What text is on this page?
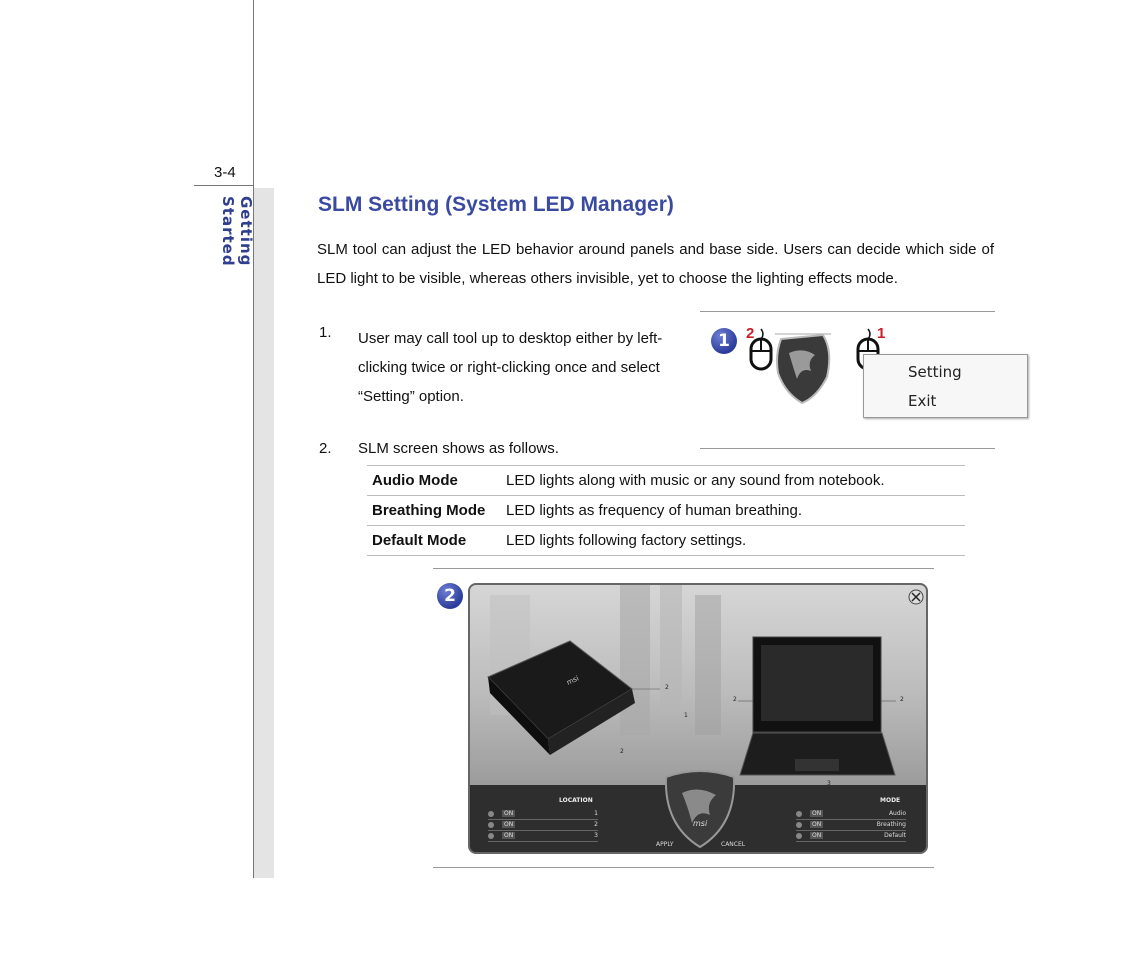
3-4
Getting Started	SLM Setting (System LED Manager)

SLM tool can adjust the LED behavior around panels and base side. Users can decide which side of LED light to be visible, whereas others invisible, yet to choose the lighting effects mode.

1. User may call tool up to desktop either by left-clicking twice or right-clicking once and select “Setting” option.
1	2	1
Setting
Exit
2. SLM screen shows as follows.
Audio Mode	LED lights along with music or any sound from notebook.
Breathing Mode	LED lights as frequency of human breathing.
Default Mode	LED lights following factory settings.
2
msi
2
1
2
2	2
3
LOCATION
ON	1
ON	2
ON	3
MODE
ON	Audio
ON	Breathing
ON	Default
msi
APPLY	CANCEL
